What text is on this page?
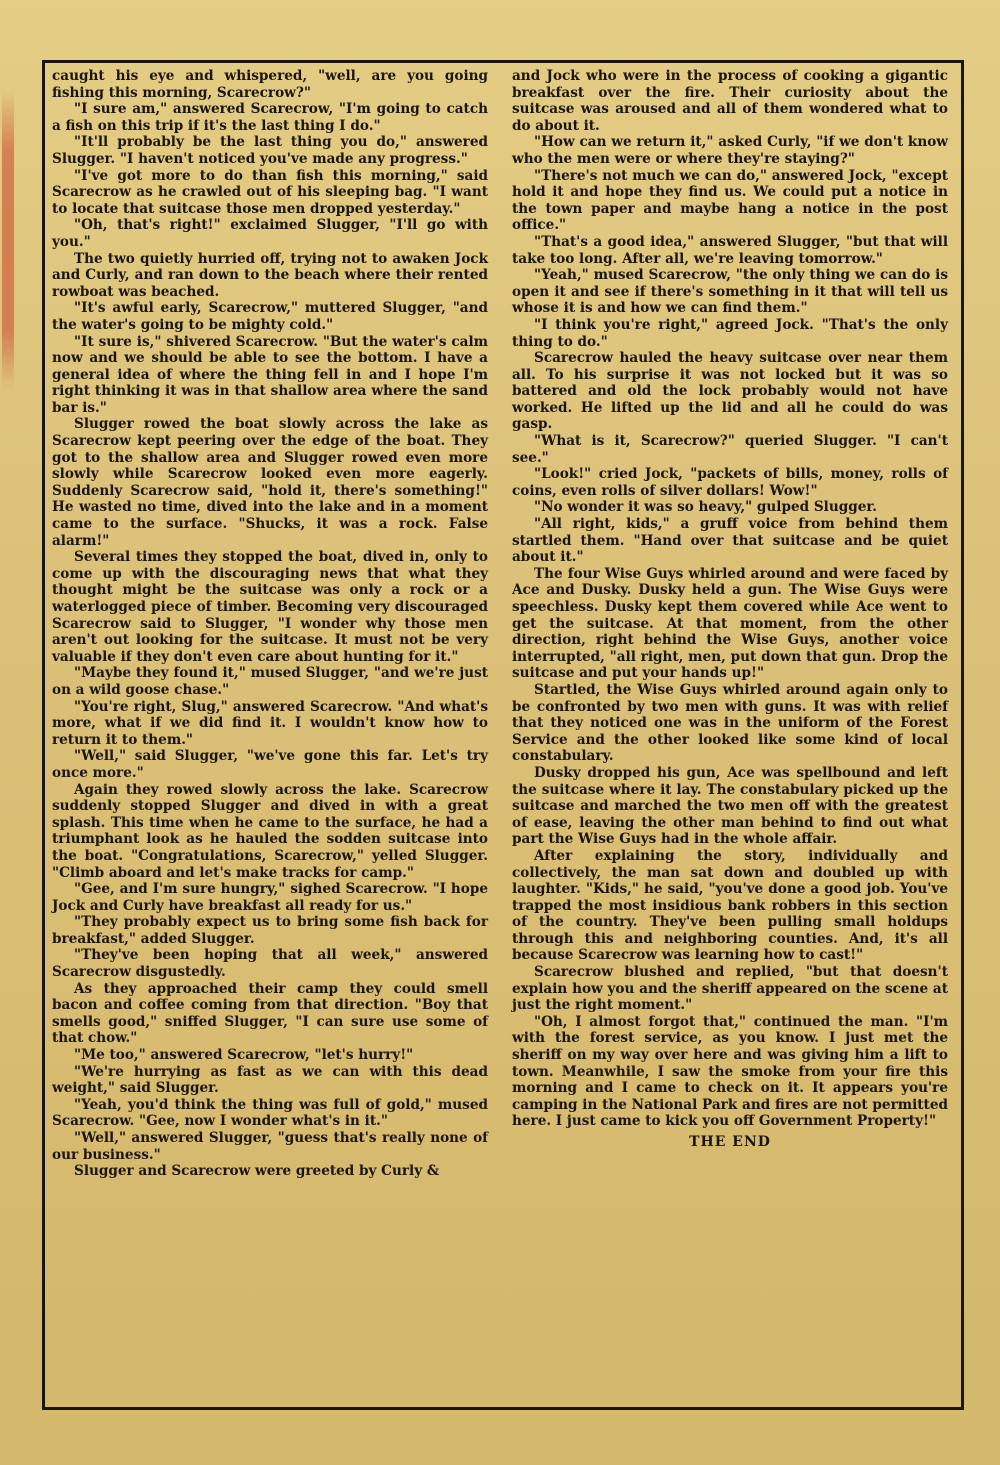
caught his eye and whispered, "well, are you going fishing this morning, Scarecrow?"

"I sure am," answered Scarecrow, "I'm going to catch a fish on this trip if it's the last thing I do."

"It'll probably be the last thing you do," answered Slugger. "I haven't noticed you've made any progress."

"I've got more to do than fish this morning," said Scarecrow as he crawled out of his sleeping bag. "I want to locate that suitcase those men dropped yesterday."

"Oh, that's right!" exclaimed Slugger, "I'll go with you."

The two quietly hurried off, trying not to awaken Jock and Curly, and ran down to the beach where their rented rowboat was beached.

"It's awful early, Scarecrow," muttered Slugger, "and the water's going to be mighty cold."

"It sure is," shivered Scarecrow. "But the water's calm now and we should be able to see the bottom. I have a general idea of where the thing fell in and I hope I'm right thinking it was in that shallow area where the sand bar is."

Slugger rowed the boat slowly across the lake as Scarecrow kept peering over the edge of the boat. They got to the shallow area and Slugger rowed even more slowly while Scarecrow looked even more eagerly. Suddenly Scarecrow said, "hold it, there's something!" He wasted no time, dived into the lake and in a moment came to the surface. "Shucks, it was a rock. False alarm!"

Several times they stopped the boat, dived in, only to come up with the discouraging news that what they thought might be the suitcase was only a rock or a waterlogged piece of timber. Becoming very discouraged Scarecrow said to Slugger, "I wonder why those men aren't out looking for the suitcase. It must not be very valuable if they don't even care about hunting for it."

"Maybe they found it," mused Slugger, "and we're just on a wild goose chase."

"You're right, Slug," answered Scarecrow. "And what's more, what if we did find it. I wouldn't know how to return it to them."

"Well," said Slugger, "we've gone this far. Let's try once more."

Again they rowed slowly across the lake. Scarecrow suddenly stopped Slugger and dived in with a great splash. This time when he came to the surface, he had a triumphant look as he hauled the sodden suitcase into the boat. "Congratulations, Scarecrow," yelled Slugger. "Climb aboard and let's make tracks for camp."

"Gee, and I'm sure hungry," sighed Scarecrow. "I hope Jock and Curly have breakfast all ready for us."

"They probably expect us to bring some fish back for breakfast," added Slugger.

"They've been hoping that all week," answered Scarecrow disgustedly.

As they approached their camp they could smell bacon and coffee coming from that direction. "Boy that smells good," sniffed Slugger, "I can sure use some of that chow."

"Me too," answered Scarecrow, "let's hurry!"

"We're hurrying as fast as we can with this dead weight," said Slugger.

"Yeah, you'd think the thing was full of gold," mused Scarecrow. "Gee, now I wonder what's in it."

"Well," answered Slugger, "guess that's really none of our business."

Slugger and Scarecrow were greeted by Curly &

and Jock who were in the process of cooking a gigantic breakfast over the fire. Their curiosity about the suitcase was aroused and all of them wondered what to do about it.

"How can we return it," asked Curly, "if we don't know who the men were or where they're staying?"

"There's not much we can do," answered Jock, "except hold it and hope they find us. We could put a notice in the town paper and maybe hang a notice in the post office."

"That's a good idea," answered Slugger, "but that will take too long. After all, we're leaving tomorrow."

"Yeah," mused Scarecrow, "the only thing we can do is open it and see if there's something in it that will tell us whose it is and how we can find them."

"I think you're right," agreed Jock. "That's the only thing to do."

Scarecrow hauled the heavy suitcase over near them all. To his surprise it was not locked but it was so battered and old the lock probably would not have worked. He lifted up the lid and all he could do was gasp.

"What is it, Scarecrow?" queried Slugger. "I can't see."

"Look!" cried Jock, "packets of bills, money, rolls of coins, even rolls of silver dollars! Wow!"

"No wonder it was so heavy," gulped Slugger.

"All right, kids," a gruff voice from behind them startled them. "Hand over that suitcase and be quiet about it."

The four Wise Guys whirled around and were faced by Ace and Dusky. Dusky held a gun. The Wise Guys were speechless. Dusky kept them covered while Ace went to get the suitcase. At that moment, from the other direction, right behind the Wise Guys, another voice interrupted, "all right, men, put down that gun. Drop the suitcase and put your hands up!"

Startled, the Wise Guys whirled around again only to be confronted by two men with guns. It was with relief that they noticed one was in the uniform of the Forest Service and the other looked like some kind of local constabulary.

Dusky dropped his gun, Ace was spellbound and left the suitcase where it lay. The constabulary picked up the suitcase and marched the two men off with the greatest of ease, leaving the other man behind to find out what part the Wise Guys had in the whole affair.

After explaining the story, individually and collectively, the man sat down and doubled up with laughter. "Kids," he said, "you've done a good job. You've trapped the most insidious bank robbers in this section of the country. They've been pulling small holdups through this and neighboring counties. And, it's all because Scarecrow was learning how to cast!"

Scarecrow blushed and replied, "but that doesn't explain how you and the sheriff appeared on the scene at just the right moment."

"Oh, I almost forgot that," continued the man. "I'm with the forest service, as you know. I just met the sheriff on my way over here and was giving him a lift to town. Meanwhile, I saw the smoke from your fire this morning and I came to check on it. It appears you're camping in the National Park and fires are not permitted here. I just came to kick you off Government Property!"

THE END
